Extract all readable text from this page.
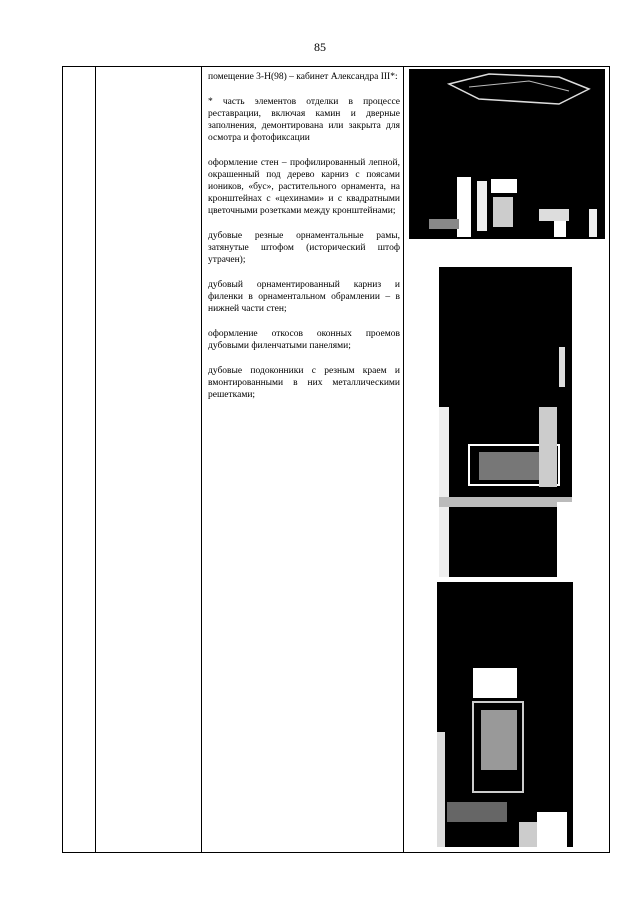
85

помещение 3-Н(98) – кабинет Александра III*:

* часть элементов отделки в процессе реставрации, включая камин и дверные заполнения, демонтирована или закрыта для осмотра и фотофиксации

оформление стен – профилированный лепной, окрашенный под дерево карниз с поясами иоников, «бус», растительного орнамента, на кронштейнах с «цехинами» и с квадратными цветочными розетками между кронштейнами;

дубовые резные орнаментальные рамы, затянутые штофом (исторический штоф утрачен);

дубовый орнаментированный карниз и филенки в орнаментальном обрамлении – в нижней части стен;

оформление откосов оконных проемов дубовыми филенчатыми панелями;

дубовые подоконники с резным краем и вмонтированными в них металлическими решетками;
